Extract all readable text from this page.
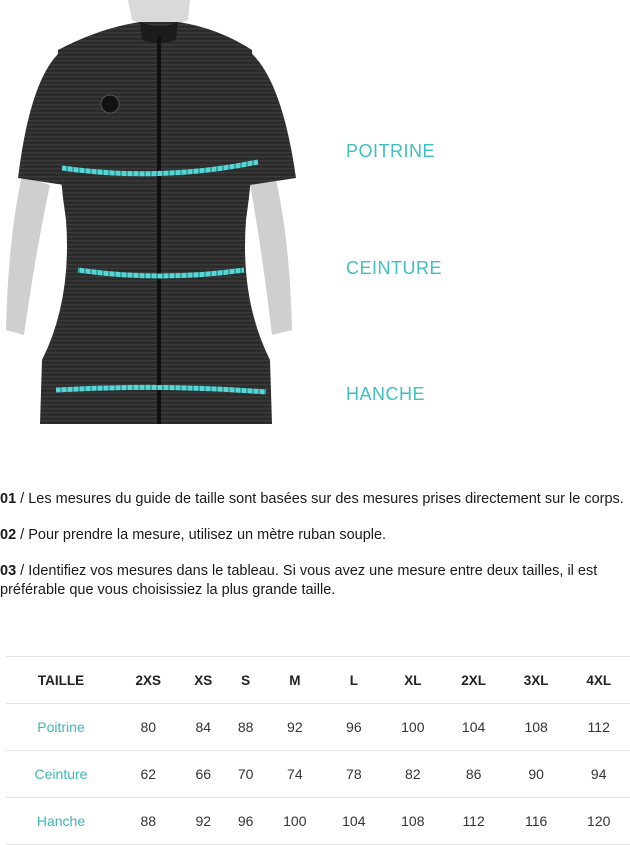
POITRINE
CEINTURE
HANCHE

01 / Les mesures du guide de taille sont basées sur des mesures prises directement sur le corps.

02 / Pour prendre la mesure, utilisez un mètre ruban souple.

03 / Identifiez vos mesures dans le tableau. Si vous avez une mesure entre deux tailles, il est préférable que vous choisissiez la plus grande taille.

TAILLE	2XS	XS	S	M	L	XL	2XL	3XL	4XL
Poitrine	80	84	88	92	96	100	104	108	112
Ceinture	62	66	70	74	78	82	86	90	94
Hanche	88	92	96	100	104	108	112	116	120
